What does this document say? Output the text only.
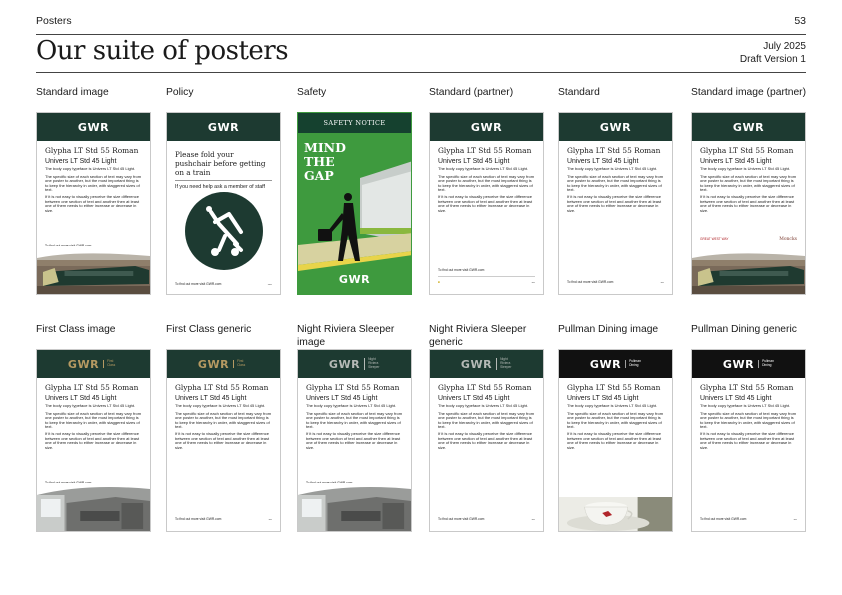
Posters	53
Our suite of posters	July 2025
Draft Version 1
Standard image	Policy	Safety	Standard (partner)	Standard	Standard image (partner)
First Class image	First Class generic	Night Riviera Sleeper image
Night Riviera Sleeper generic
Pullman Dining image	Pullman Dining generic
GWR
Glypha LT Std 55 Roman
Univers LT Std 45 Light
The body copy typeface is Univers LT Std 45 Light.
The specific size of each section of text may vary from one poster to another, but the most important thing is to keep the hierarchy in order, with staggered sizes of text.
If it is not easy to visually perceive the size difference between one section of text and another then at least one of them needs to either increase or decrease in size.
GWR
Please fold your pushchair before getting on a train
If you need help ask a member of staff
To find out more visit GWR.com	▪▪▪▪▪
SAFETY NOTICE
MIND
THE
GAP
GWR
GWR
Glypha LT Std 55 Roman
Univers LT Std 45 Light
The body copy typeface is Univers LT Std 45 Light.
The specific size of each section of text may vary from one poster to another, but the most important thing is to keep the hierarchy in order, with staggered sizes of text.
If it is not easy to visually perceive the size difference between one section of text and another then at least one of them needs to either increase or decrease in size.
To find out more visit GWR.com
■	▪▪▪▪
GWR
Glypha LT Std 55 Roman
Univers LT Std 45 Light
The body copy typeface is Univers LT Std 45 Light.
The specific size of each section of text may vary from one poster to another, but the most important thing is to keep the hierarchy in order, with staggered sizes of text.
If it is not easy to visually perceive the size difference between one section of text and another then at least one of them needs to either increase or decrease in size.
To find out more visit GWR.com	▪▪▪▪
GWR
Glypha LT Std 55 Roman
Univers LT Std 45 Light
The body copy typeface is Univers LT Std 45 Light.
The specific size of each section of text may vary from one poster to another, but the most important thing is to keep the hierarchy in order, with staggered sizes of text.
If it is not easy to visually perceive the size difference between one section of text and another then at least one of them needs to either increase or decrease in size.
GREAT WEST WAY	Moncks
GWR	First Class
Glypha LT Std 55 Roman
Univers LT Std 45 Light
The body copy typeface is Univers LT Std 45 Light.
The specific size of each section of text may vary from one poster to another, but the most important thing is to keep the hierarchy in order, with staggered sizes of text.
If it is not easy to visually perceive the size difference between one section of text and another then at least one of them needs to either increase or decrease in size.
GWR	First Class
Glypha LT Std 55 Roman
Univers LT Std 45 Light
The body copy typeface is Univers LT Std 45 Light.
The specific size of each section of text may vary from one poster to another, but the most important thing is to keep the hierarchy in order, with staggered sizes of text.
If it is not easy to visually perceive the size difference between one section of text and another then at least one of them needs to either increase or decrease in size.
To find out more visit GWR.com	▪▪▪▪
GWR	Night Riviera Sleeper
Glypha LT Std 55 Roman
Univers LT Std 45 Light
The body copy typeface is Univers LT Std 45 Light.
The specific size of each section of text may vary from one poster to another, but the most important thing is to keep the hierarchy in order, with staggered sizes of text.
If it is not easy to visually perceive the size difference between one section of text and another then at least one of them needs to either increase or decrease in size.
GWR	Night Riviera Sleeper
Glypha LT Std 55 Roman
Univers LT Std 45 Light
The body copy typeface is Univers LT Std 45 Light.
The specific size of each section of text may vary from one poster to another, but the most important thing is to keep the hierarchy in order, with staggered sizes of text.
If it is not easy to visually perceive the size difference between one section of text and another then at least one of them needs to either increase or decrease in size.
To find out more visit GWR.com	▪▪▪▪
GWR	Pullman Dining
Glypha LT Std 55 Roman
Univers LT Std 45 Light
The body copy typeface is Univers LT Std 45 Light.
The specific size of each section of text may vary from one poster to another, but the most important thing is to keep the hierarchy in order, with staggered sizes of text.
If it is not easy to visually perceive the size difference between one section of text and another then at least one of them needs to either increase or decrease in size.
GWR	Pullman Dining
Glypha LT Std 55 Roman
Univers LT Std 45 Light
The body copy typeface is Univers LT Std 45 Light.
The specific size of each section of text may vary from one poster to another, but the most important thing is to keep the hierarchy in order, with staggered sizes of text.
If it is not easy to visually perceive the size difference between one section of text and another then at least one of them needs to either increase or decrease in size.
To find out more visit GWR.com	▪▪▪▪
